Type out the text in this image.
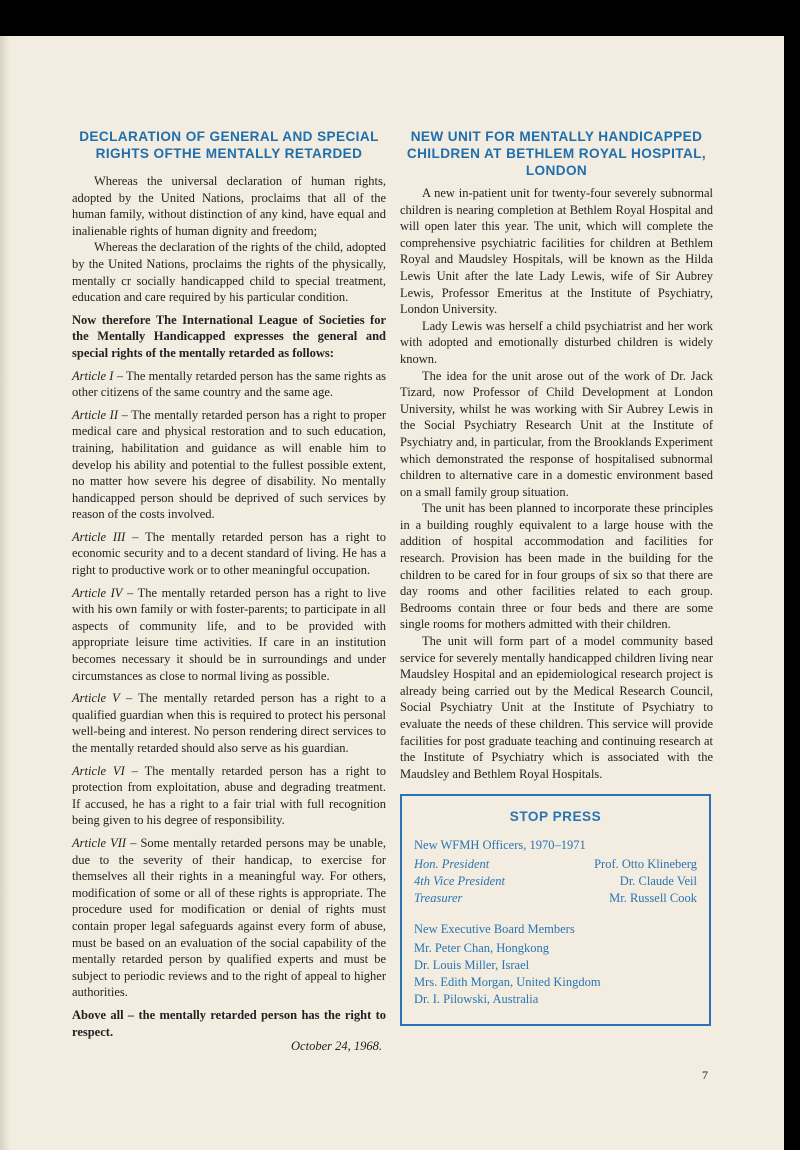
DECLARATION OF GENERAL AND SPECIAL RIGHTS OFTHE MENTALLY RETARDED

Whereas the universal declaration of human rights, adopted by the United Nations, proclaims that all of the human family, without distinction of any kind, have equal and inalienable rights of human dignity and freedom;

Whereas the declaration of the rights of the child, adopted by the United Nations, proclaims the rights of the physically, mentally cr socially handicapped child to special treatment, education and care required by his particular condition.

Now therefore The International League of Societies for the Mentally Handicapped expresses the general and special rights of the mentally retarded as follows:

Article I – The mentally retarded person has the same rights as other citizens of the same country and the same age.

Article II – The mentally retarded person has a right to proper medical care and physical restoration and to such education, training, habilitation and guidance as will enable him to develop his ability and potential to the fullest possible extent, no matter how severe his degree of disability. No mentally handicapped person should be deprived of such services by reason of the costs involved.

Article III – The mentally retarded person has a right to economic security and to a decent standard of living. He has a right to productive work or to other meaningful occupation.

Article IV – The mentally retarded person has a right to live with his own family or with foster-parents; to participate in all aspects of community life, and to be provided with appropriate leisure time activities. If care in an institution becomes necessary it should be in surroundings and under circumstances as close to normal living as possible.

Article V – The mentally retarded person has a right to a qualified guardian when this is required to protect his personal well-being and interest. No person rendering direct services to the mentally retarded should also serve as his guardian.

Article VI – The mentally retarded person has a right to protection from exploitation, abuse and degrading treatment. If accused, he has a right to a fair trial with full recognition being given to his degree of responsibility.

Article VII – Some mentally retarded persons may be unable, due to the severity of their handicap, to exercise for themselves all their rights in a meaningful way. For others, modification of some or all of these rights is appropriate. The procedure used for modification or denial of rights must contain proper legal safeguards against every form of abuse, must be based on an evaluation of the social capability of the mentally retarded person by qualified experts and must be subject to periodic reviews and to the right of appeal to higher authorities.

Above all – the mentally retarded person has the right to respect.

October 24, 1968.
NEW UNIT FOR MENTALLY HANDICAPPED CHILDREN AT BETHLEM ROYAL HOSPITAL, LONDON

A new in-patient unit for twenty-four severely subnormal children is nearing completion at Bethlem Royal Hospital and will open later this year. The unit, which will complete the comprehensive psychiatric facilities for children at Bethlem Royal and Maudsley Hospitals, will be known as the Hilda Lewis Unit after the late Lady Lewis, wife of Sir Aubrey Lewis, Professor Emeritus at the Institute of Psychiatry, London University.

Lady Lewis was herself a child psychiatrist and her work with adopted and emotionally disturbed children is widely known.

The idea for the unit arose out of the work of Dr. Jack Tizard, now Professor of Child Development at London University, whilst he was working with Sir Aubrey Lewis in the Social Psychiatry Research Unit at the Institute of Psychiatry and, in particular, from the Brooklands Experiment which demonstrated the response of hospitalised subnormal children to alternative care in a domestic environment based on a small family group situation.

The unit has been planned to incorporate these principles in a building roughly equivalent to a large house with the addition of hospital accommodation and facilities for research. Provision has been made in the building for the children to be cared for in four groups of six so that there are day rooms and other facilities related to each group. Bedrooms contain three or four beds and there are some single rooms for mothers admitted with their children.

The unit will form part of a model community based service for severely mentally handicapped children living near Maudsley Hospital and an epidemiological research project is already being carried out by the Medical Research Council, Social Psychiatry Unit at the Institute of Psychiatry to evaluate the needs of these children. This service will provide facilities for post graduate teaching and continuing research at the Institute of Psychiatry which is associated with the Maudsley and Bethlem Royal Hospitals.

STOP PRESS
New WFMH Officers, 1970–1971
Hon. President	Prof. Otto Klineberg
4th Vice President	Dr. Claude Veil
Treasurer	Mr. Russell Cook
New Executive Board Members
Mr. Peter Chan, Hongkong
Dr. Louis Miller, Israel
Mrs. Edith Morgan, United Kingdom
Dr. I. Pilowski, Australia
7
